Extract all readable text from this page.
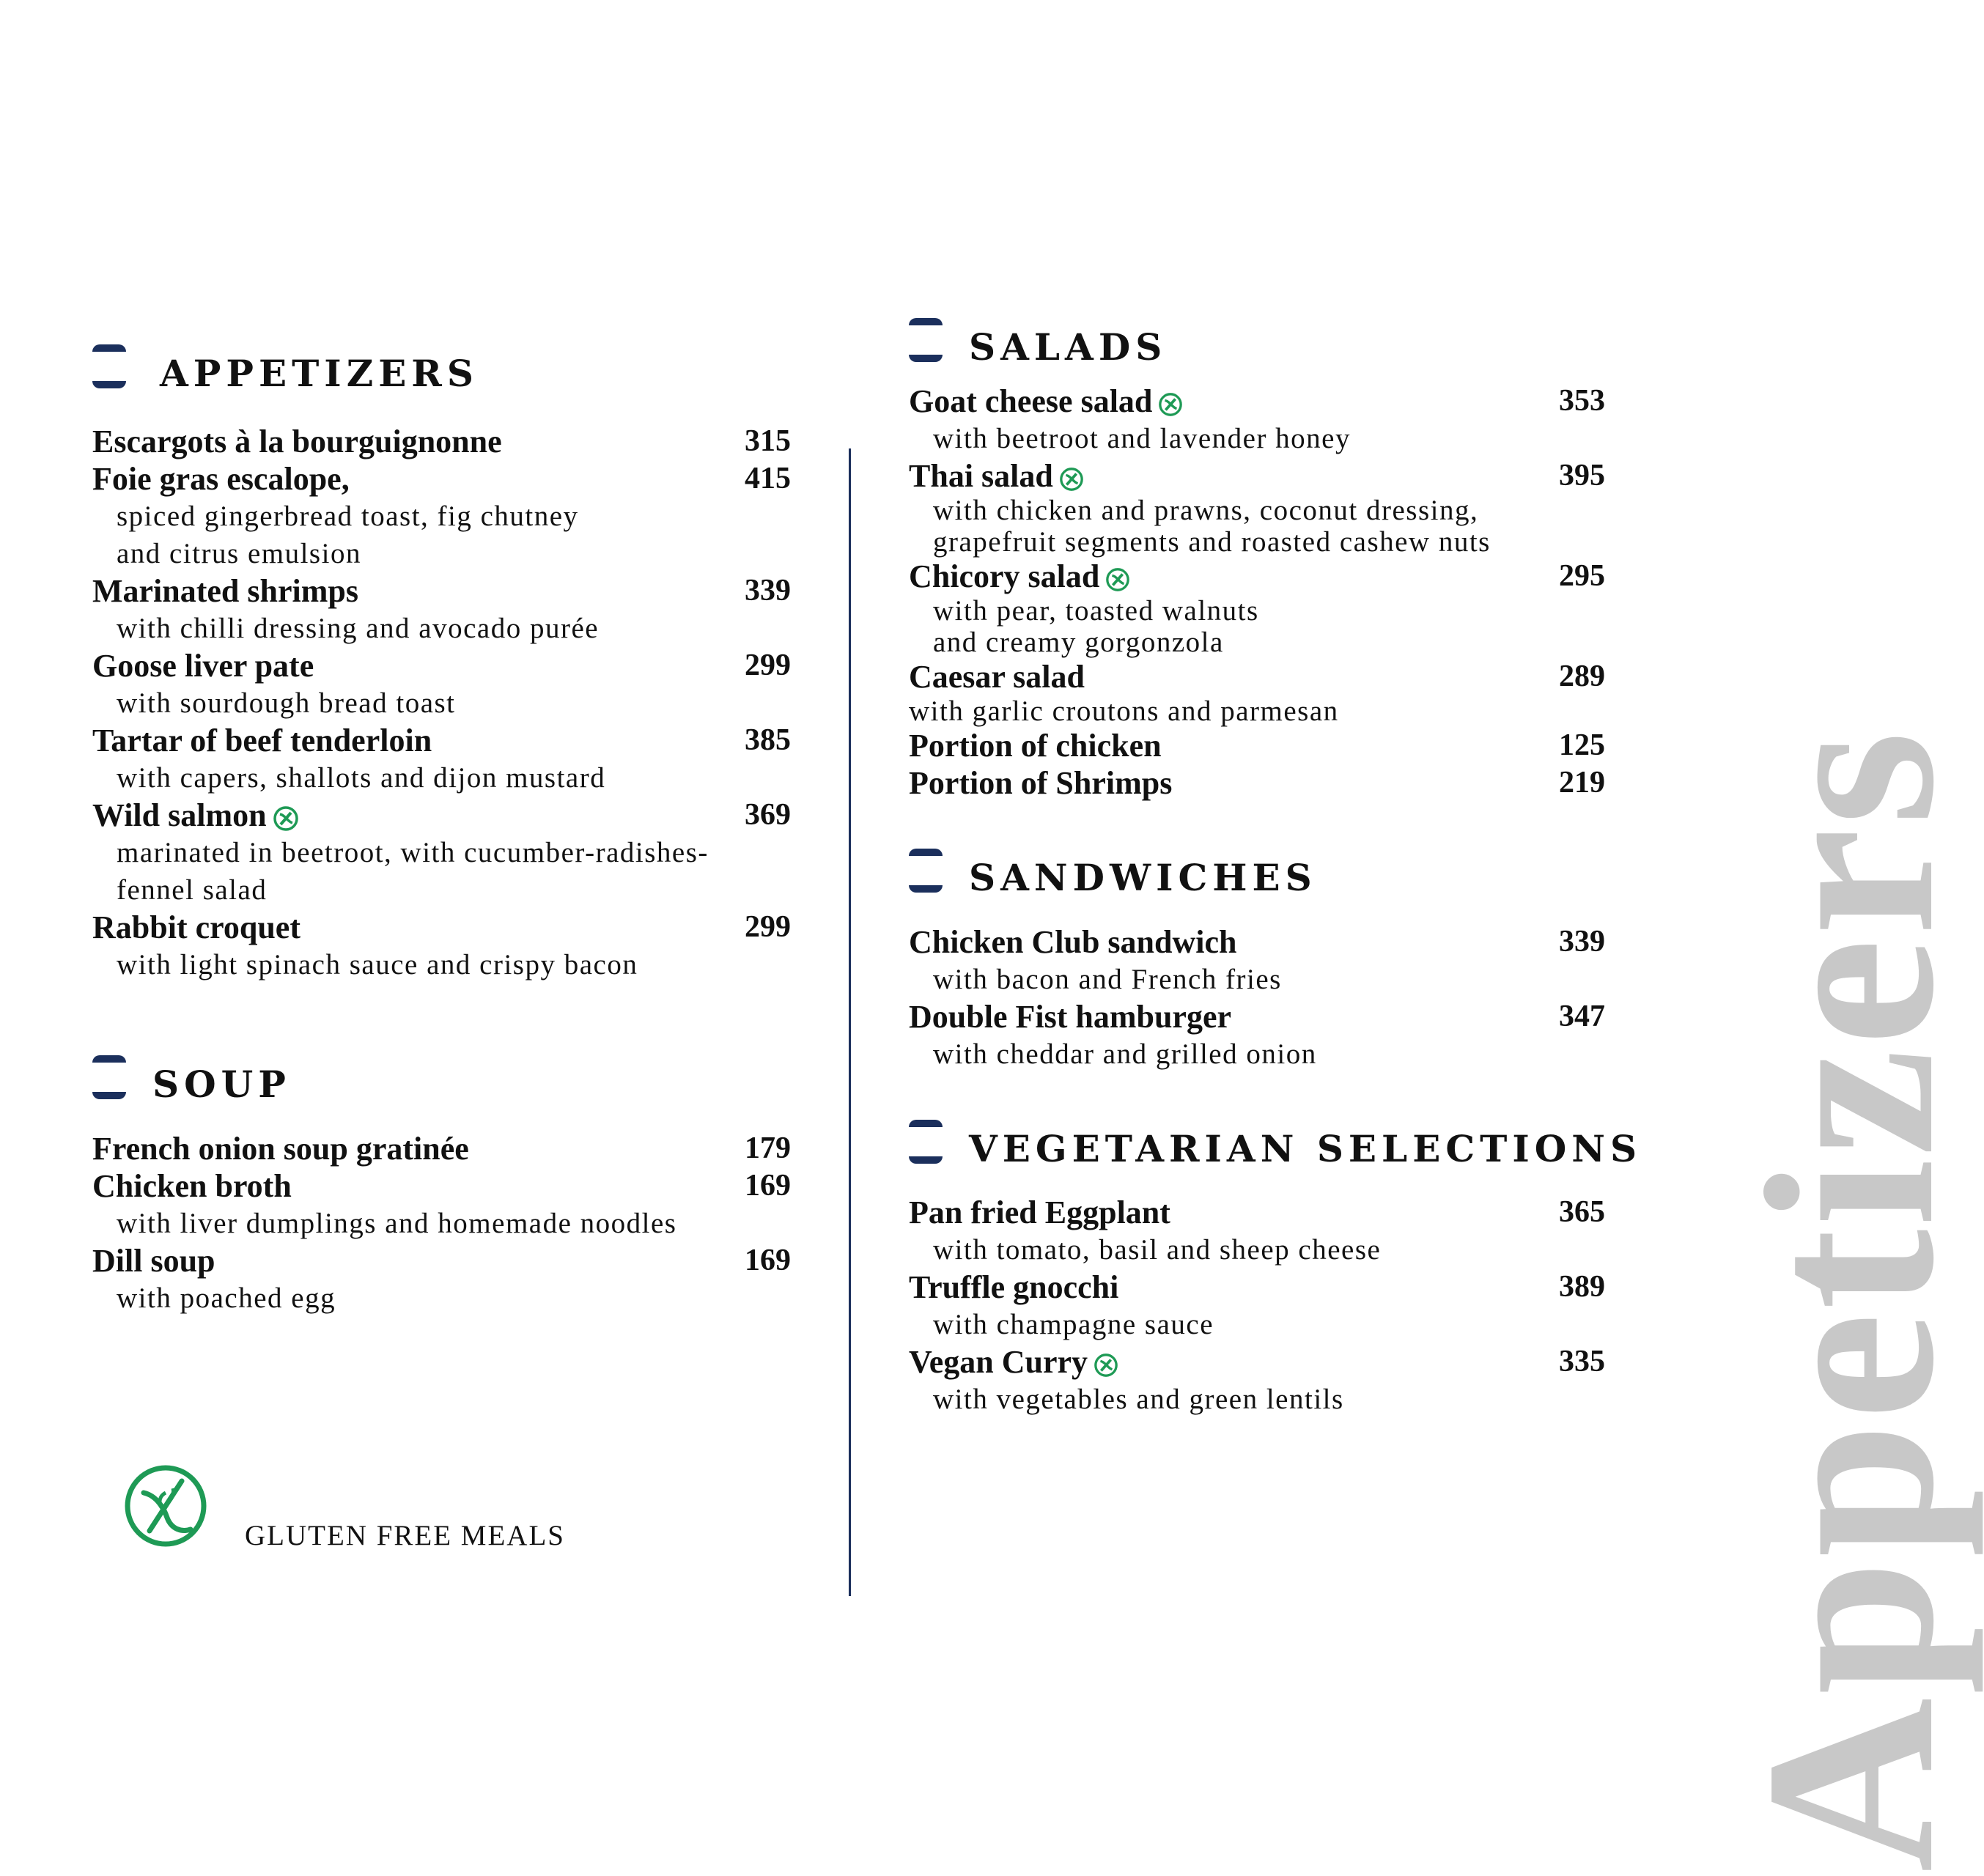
Appetizers
APPETIZERS
Escargots à la bourguignonne	315
Foie gras escalope,	415
spiced gingerbread toast, fig chutney
and citrus emulsion
Marinated shrimps	339
with chilli dressing and avocado purée
Goose liver pate	299
with sourdough bread toast
Tartar of beef tenderloin	385
with capers, shallots and dijon mustard
Wild salmon	369
marinated in beetroot, with cucumber-radishes-
fennel salad
Rabbit croquet	299
with light spinach sauce and crispy bacon
SOUP
French onion soup gratinée	179
Chicken broth	169
with liver dumplings and homemade noodles
Dill soup	169
with poached egg
SALADS
Goat cheese salad	353
with beetroot and lavender honey
Thai salad	395
with chicken and prawns, coconut dressing,
grapefruit segments and roasted cashew nuts
Chicory salad	295
with pear, toasted walnuts
and creamy gorgonzola
Caesar salad	289
with garlic croutons and parmesan
Portion of chicken	125
Portion of Shrimps	219
SANDWICHES
Chicken Club sandwich	339
with bacon and French fries
Double Fist hamburger	347
with cheddar and grilled onion
VEGETARIAN SELECTIONS
Pan fried Eggplant	365
with tomato, basil and sheep cheese
Truffle gnocchi	389
with champagne sauce
Vegan Curry	335
with vegetables and green lentils
GLUTEN FREE MEALS
